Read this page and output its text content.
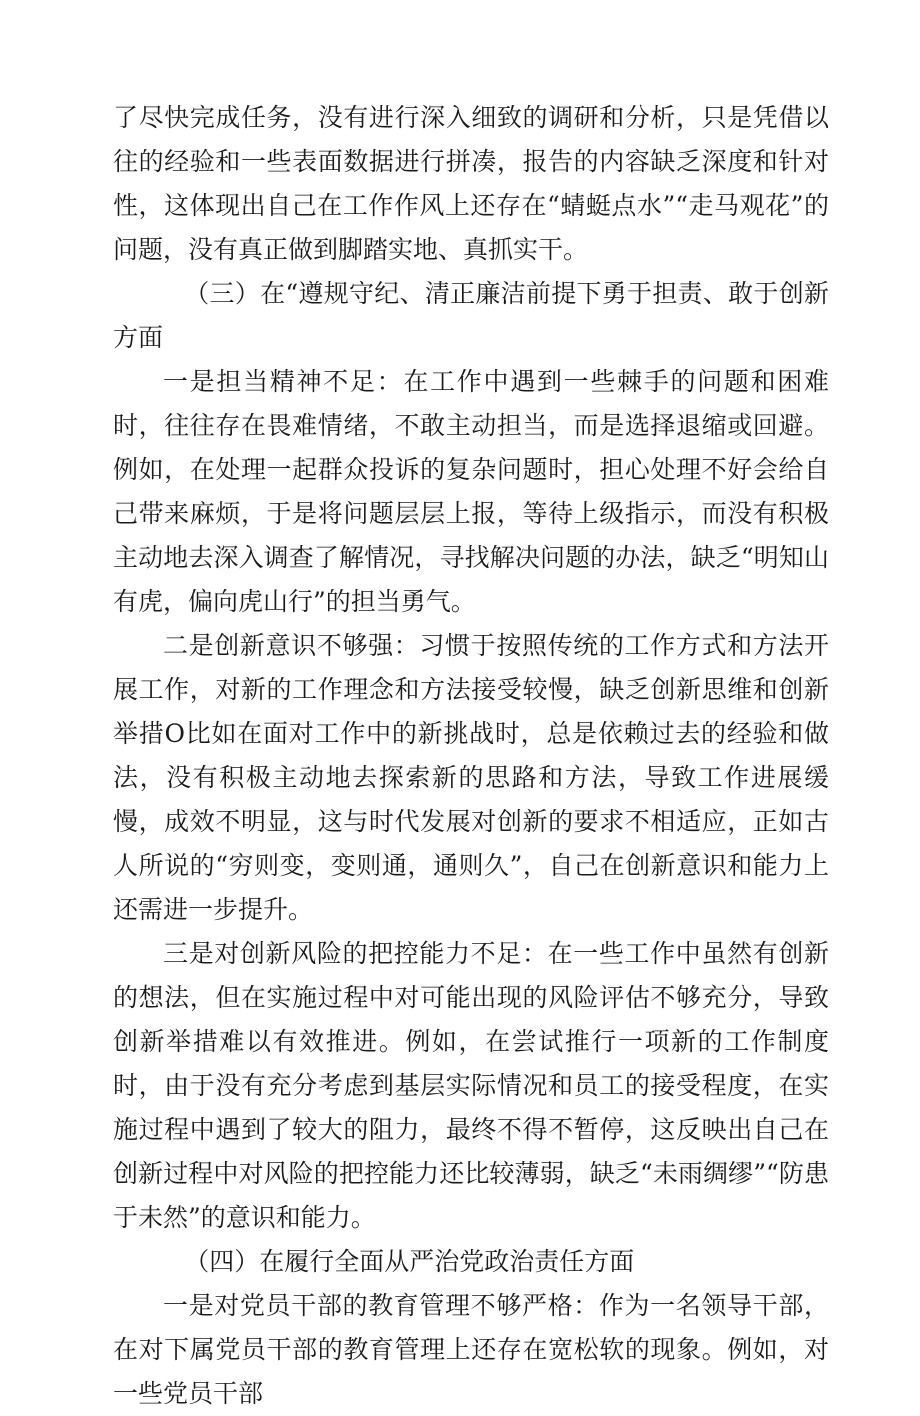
了尽快完成任务，没有进行深入细致的调研和分析，只是凭借以往的经验和一些表面数据进行拼凑，报告的内容缺乏深度和针对性，这体现出自己在工作作风上还存在“蜻蜓点水”“走马观花”的问题，没有真正做到脚踏实地、真抓实干。

（三）在“遵规守纪、清正廉洁前提下勇于担责、敢于创新方面

一是担当精神不足：在工作中遇到一些棘手的问题和困难时，往往存在畏难情绪，不敢主动担当，而是选择退缩或回避。例如，在处理一起群众投诉的复杂问题时，担心处理不好会给自己带来麻烦，于是将问题层层上报，等待上级指示，而没有积极主动地去深入调查了解情况，寻找解决问题的办法，缺乏“明知山有虎，偏向虎山行”的担当勇气。

二是创新意识不够强：习惯于按照传统的工作方式和方法开展工作，对新的工作理念和方法接受较慢，缺乏创新思维和创新举措O比如在面对工作中的新挑战时，总是依赖过去的经验和做法，没有积极主动地去探索新的思路和方法，导致工作进展缓慢，成效不明显，这与时代发展对创新的要求不相适应，正如古人所说的“穷则变，变则通，通则久”，自己在创新意识和能力上还需进一步提升。

三是对创新风险的把控能力不足：在一些工作中虽然有创新的想法，但在实施过程中对可能出现的风险评估不够充分，导致创新举措难以有效推进。例如，在尝试推行一项新的工作制度时，由于没有充分考虑到基层实际情况和员工的接受程度，在实施过程中遇到了较大的阻力，最终不得不暂停，这反映出自己在创新过程中对风险的把控能力还比较薄弱，缺乏“未雨绸缪”“防患于未然”的意识和能力。

（四）在履行全面从严治党政治责任方面

一是对党员干部的教育管理不够严格：作为一名领导干部，在对下属党员干部的教育管理上还存在宽松软的现象。例如，对一些党员干部
